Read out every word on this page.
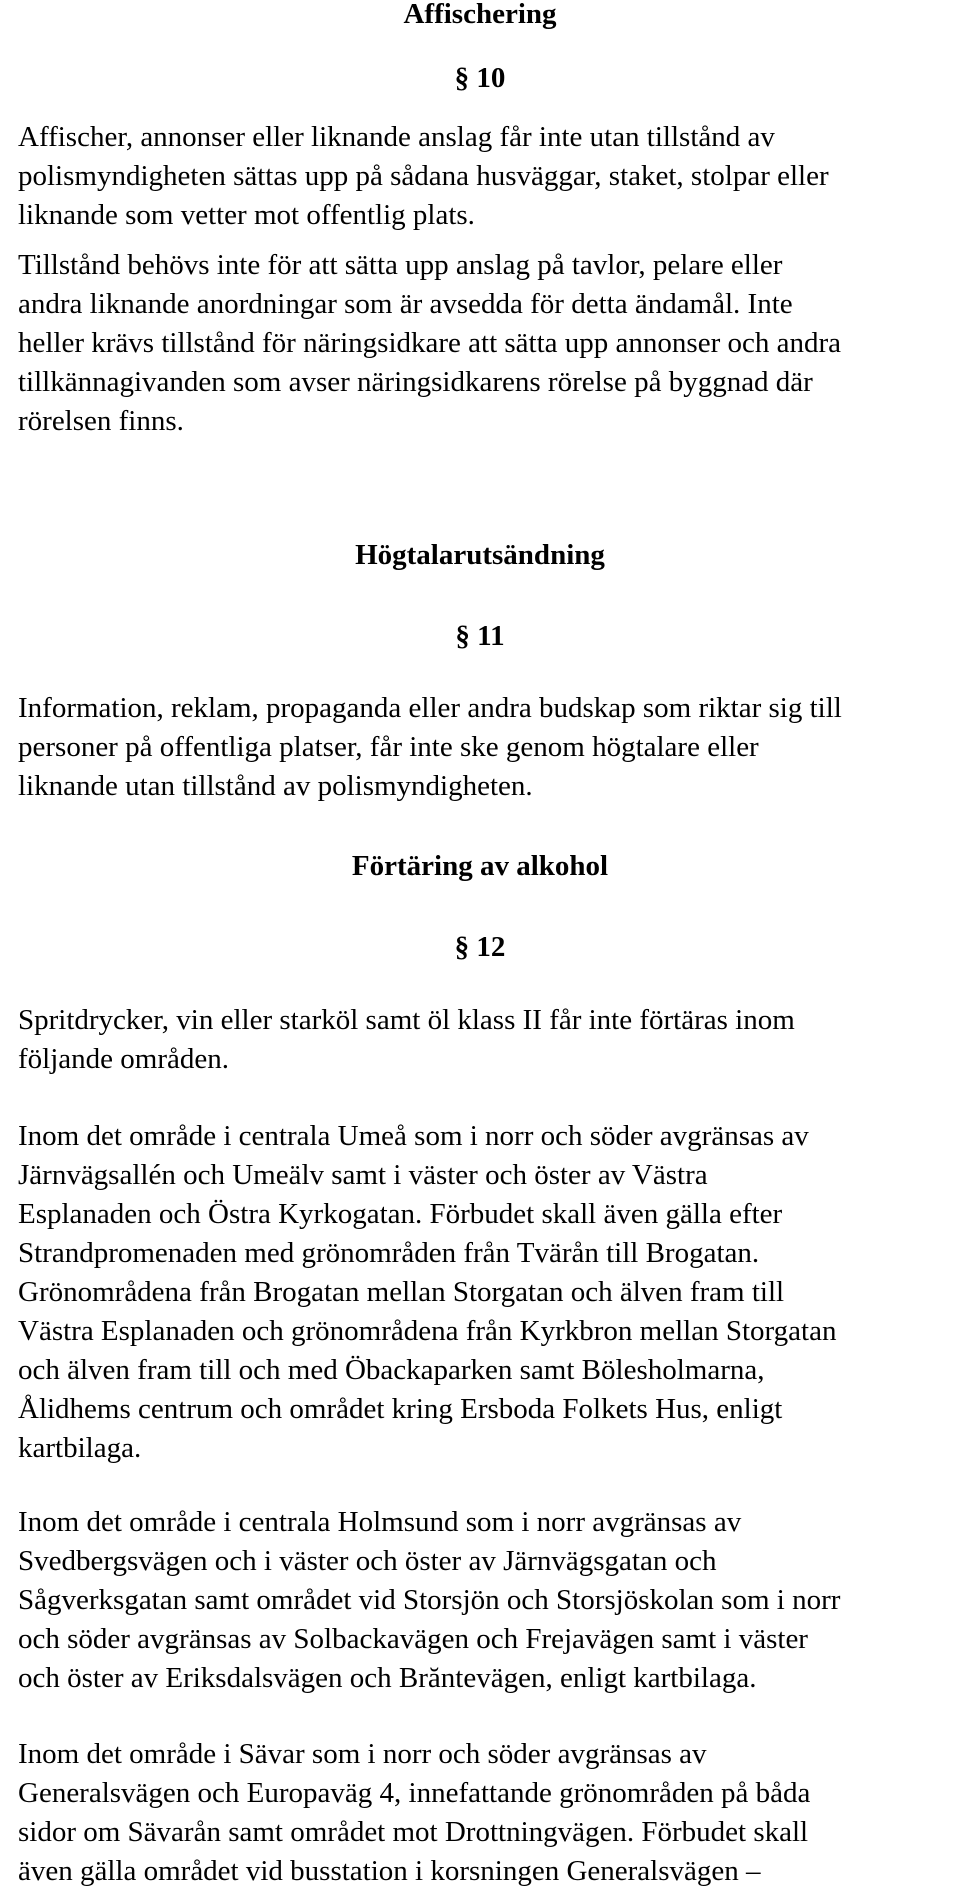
Affischering
§ 10
Affischer, annonser eller liknande anslag får inte utan tillstånd av
polismyndigheten sättas upp på sådana husväggar, staket, stolpar eller
liknande som vetter mot offentlig plats.
Tillstånd behövs inte för att sätta upp anslag på tavlor, pelare eller
andra liknande anordningar som är avsedda för detta ändamål. Inte
heller krävs tillstånd för näringsidkare att sätta upp annonser och andra
tillkännagivanden som avser näringsidkarens rörelse på byggnad där
rörelsen finns.
Högtalarutsändning
§ 11
Information, reklam, propaganda eller andra budskap som riktar sig till
personer på offentliga platser, får inte ske genom högtalare eller
liknande utan tillstånd av polismyndigheten.
Förtäring av alkohol
§ 12
Spritdrycker, vin eller starköl samt öl klass II får inte förtäras inom
följande områden.
Inom det område i centrala Umeå som i norr och söder avgränsas av
Järnvägsallén och Umeälv samt i väster och öster av Västra
Esplanaden och Östra Kyrkogatan. Förbudet skall även gälla efter
Strandpromenaden med grönområden från Tvärån till Brogatan.
Grönområdena från Brogatan mellan Storgatan och älven fram till
Västra Esplanaden och grönområdena från Kyrkbron mellan Storgatan
och älven fram till och med Öbackaparken samt Bölesholmarna,
Ålidhems centrum och området kring Ersboda Folkets Hus, enligt
kartbilaga.
Inom det område i centrala Holmsund som i norr avgränsas av
Svedbergsvägen och i väster och öster av Järnvägsgatan och
Sågverksgatan samt området vid Storsjön och Storsjöskolan som i norr
och söder avgränsas av Solbackavägen och Frejavägen samt i väster
och öster av Eriksdalsvägen och Brăntevägen, enligt kartbilaga.
Inom det område i Sävar som i norr och söder avgränsas av
Generalsvägen och Europaväg 4, innefattande grönområden på båda
sidor om Sävarån samt området mot Drottningvägen. Förbudet skall
även gälla området vid busstation i korsningen Generalsvägen –
